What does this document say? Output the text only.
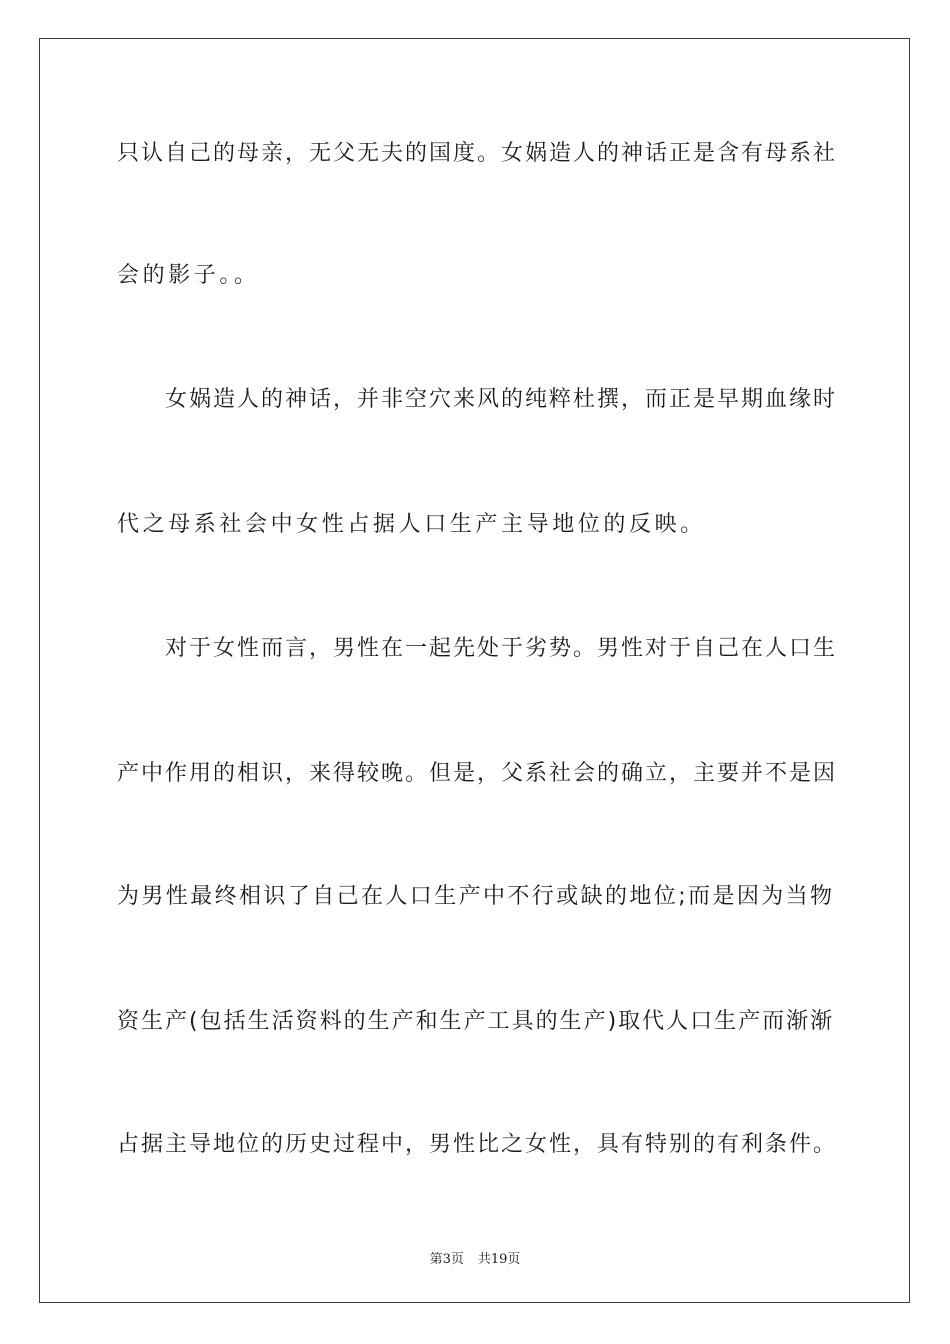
只认自己的母亲，无父无夫的国度。女娲造人的神话正是含有母系社
会的影子。。
女娲造人的神话，并非空穴来风的纯粹杜撰，而正是早期血缘时
代之母系社会中女性占据人口生产主导地位的反映。
对于女性而言，男性在一起先处于劣势。男性对于自己在人口生
产中作用的相识，来得较晚。但是，父系社会的确立，主要并不是因
为男性最终相识了自己在人口生产中不行或缺的地位;而是因为当物
资生产(包括生活资料的生产和生产工具的生产)取代人口生产而渐渐
占据主导地位的历史过程中，男性比之女性，具有特别的有利条件。
第3页 共19页
